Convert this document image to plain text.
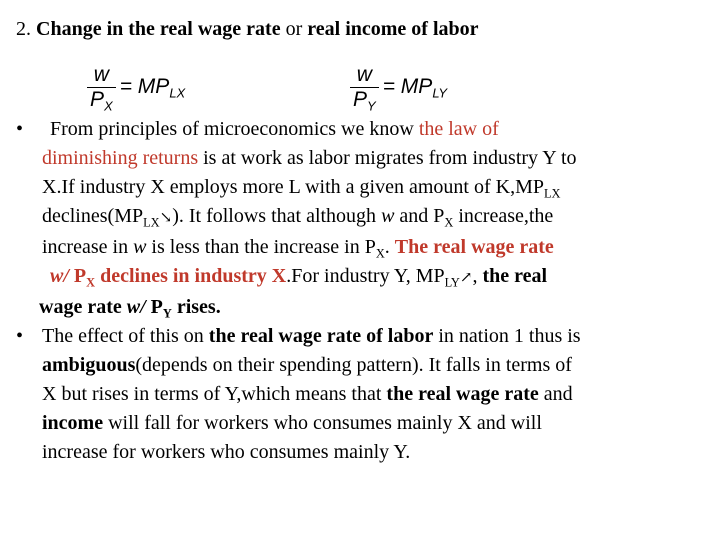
2. Change in the real wage rate or real income of labor
$\frac{w}{P_X} = MP_{LX}$	$\frac{w}{P_Y} = MP_{LY}$
•	From principles of microeconomics we know the law of
diminishing returns is at work as labor migrates from industry Y to
X.If industry X employs more L with a given amount of $K,MP_{LX}$
$declines(MP_{LX}↘)$. It follows that although w and $P_X$ increase,the
increase in w is less than the increase in $P_X$. The real wage rate
w/ $P_X$ declines in industry X.For industry Y, $MP_{LY}↗$, the real
wage rate w/ $P_Y$ rises.
• The effect of this on the real wage rate of labor in nation 1 thus is
ambiguous(depends on their spending pattern). It falls in terms of
X but rises in terms of Y,which means that the real wage rate and
income will fall for workers who consumes mainly X and will
increase for workers who consumes mainly Y.
